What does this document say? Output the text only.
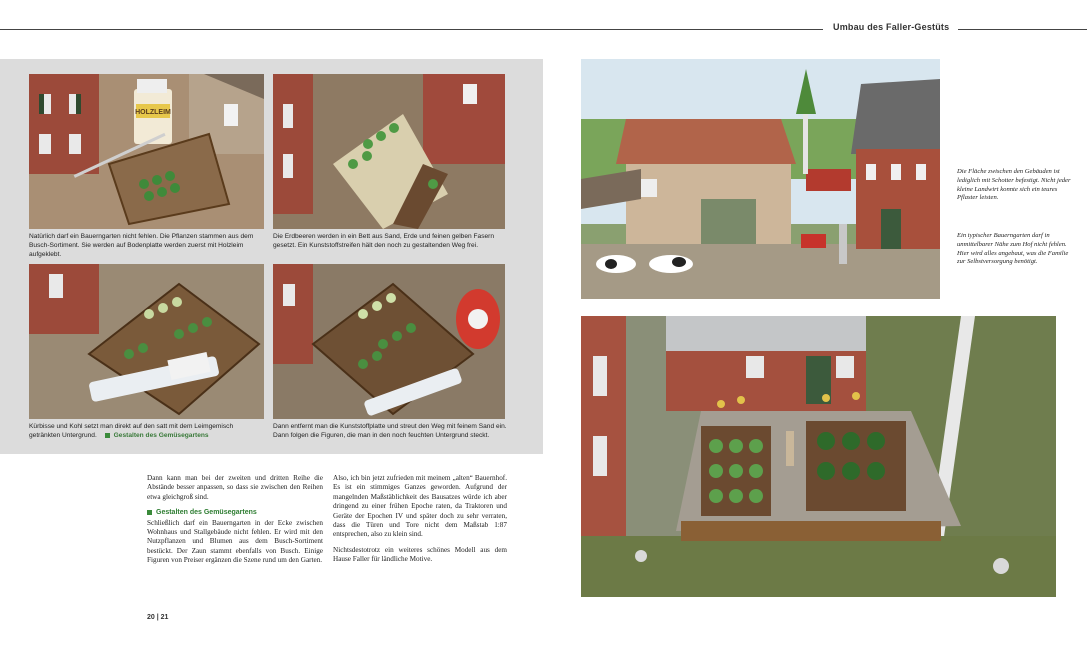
Umbau des Faller-Gestüts
HOLZLEIM
Natürlich darf ein Bauerngarten nicht fehlen. Die Pflanzen stammen aus dem Busch-Sortiment. Sie werden auf Bodenplatte werden zuerst mit Holzleim aufgeklebt.
Die Erdbeeren werden in ein Bett aus Sand, Erde und feinen gelben Fasern gesetzt. Ein Kunststoffstreifen hält den noch zu gestaltenden Weg frei.
Kürbisse und Kohl setzt man direkt auf den satt mit dem Leimgemisch getränkten Untergrund.	Gestalten des Gemüsegartens
Dann entfernt man die Kunststoffplatte und streut den Weg mit feinem Sand ein. Dann folgen die Figuren, die man in den noch feuchten Untergrund steckt.

Dann kann man bei der zweiten und dritten Reihe die Abstände besser anpassen, so dass sie zwischen den Reihen etwa gleichgroß sind.

Gestalten des Gemüsegartens

Schließlich darf ein Bauerngarten in der Ecke zwischen Wohnhaus und Stallgebäude nicht fehlen. Er wird mit den Nutzpflanzen und Blumen aus dem Busch-Sortiment bestückt. Der Zaun stammt ebenfalls von Busch. Einige Figuren von Preiser ergänzen die Szene rund um den Garten.

Also, ich bin jetzt zufrieden mit meinem „alten“ Bauernhof. Es ist ein stimmiges Ganzes geworden. Aufgrund der mangelnden Maßstäblichkeit des Bausatzes würde ich aber dringend zu einer frühen Epoche raten, da Traktoren und Geräte der Epochen IV und später doch zu sehr verraten, dass die Türen und Tore nicht dem Maßstab 1:87 entsprechen, also zu klein sind.

Nichtsdestotrotz ein weiteres schönes Modell aus dem Hause Faller für ländliche Motive.

20 | 21
Die Fläche zwischen den Gebäuden ist lediglich mit Schotter befestigt. Nicht jeder kleine Landwirt konnte sich ein teures Pflaster leisten.
Ein typischer Bauerngarten darf in unmittelbarer Nähe zum Hof nicht fehlen. Hier wird alles angebaut, was die Familie zur Selbstversorgung benötigt.
